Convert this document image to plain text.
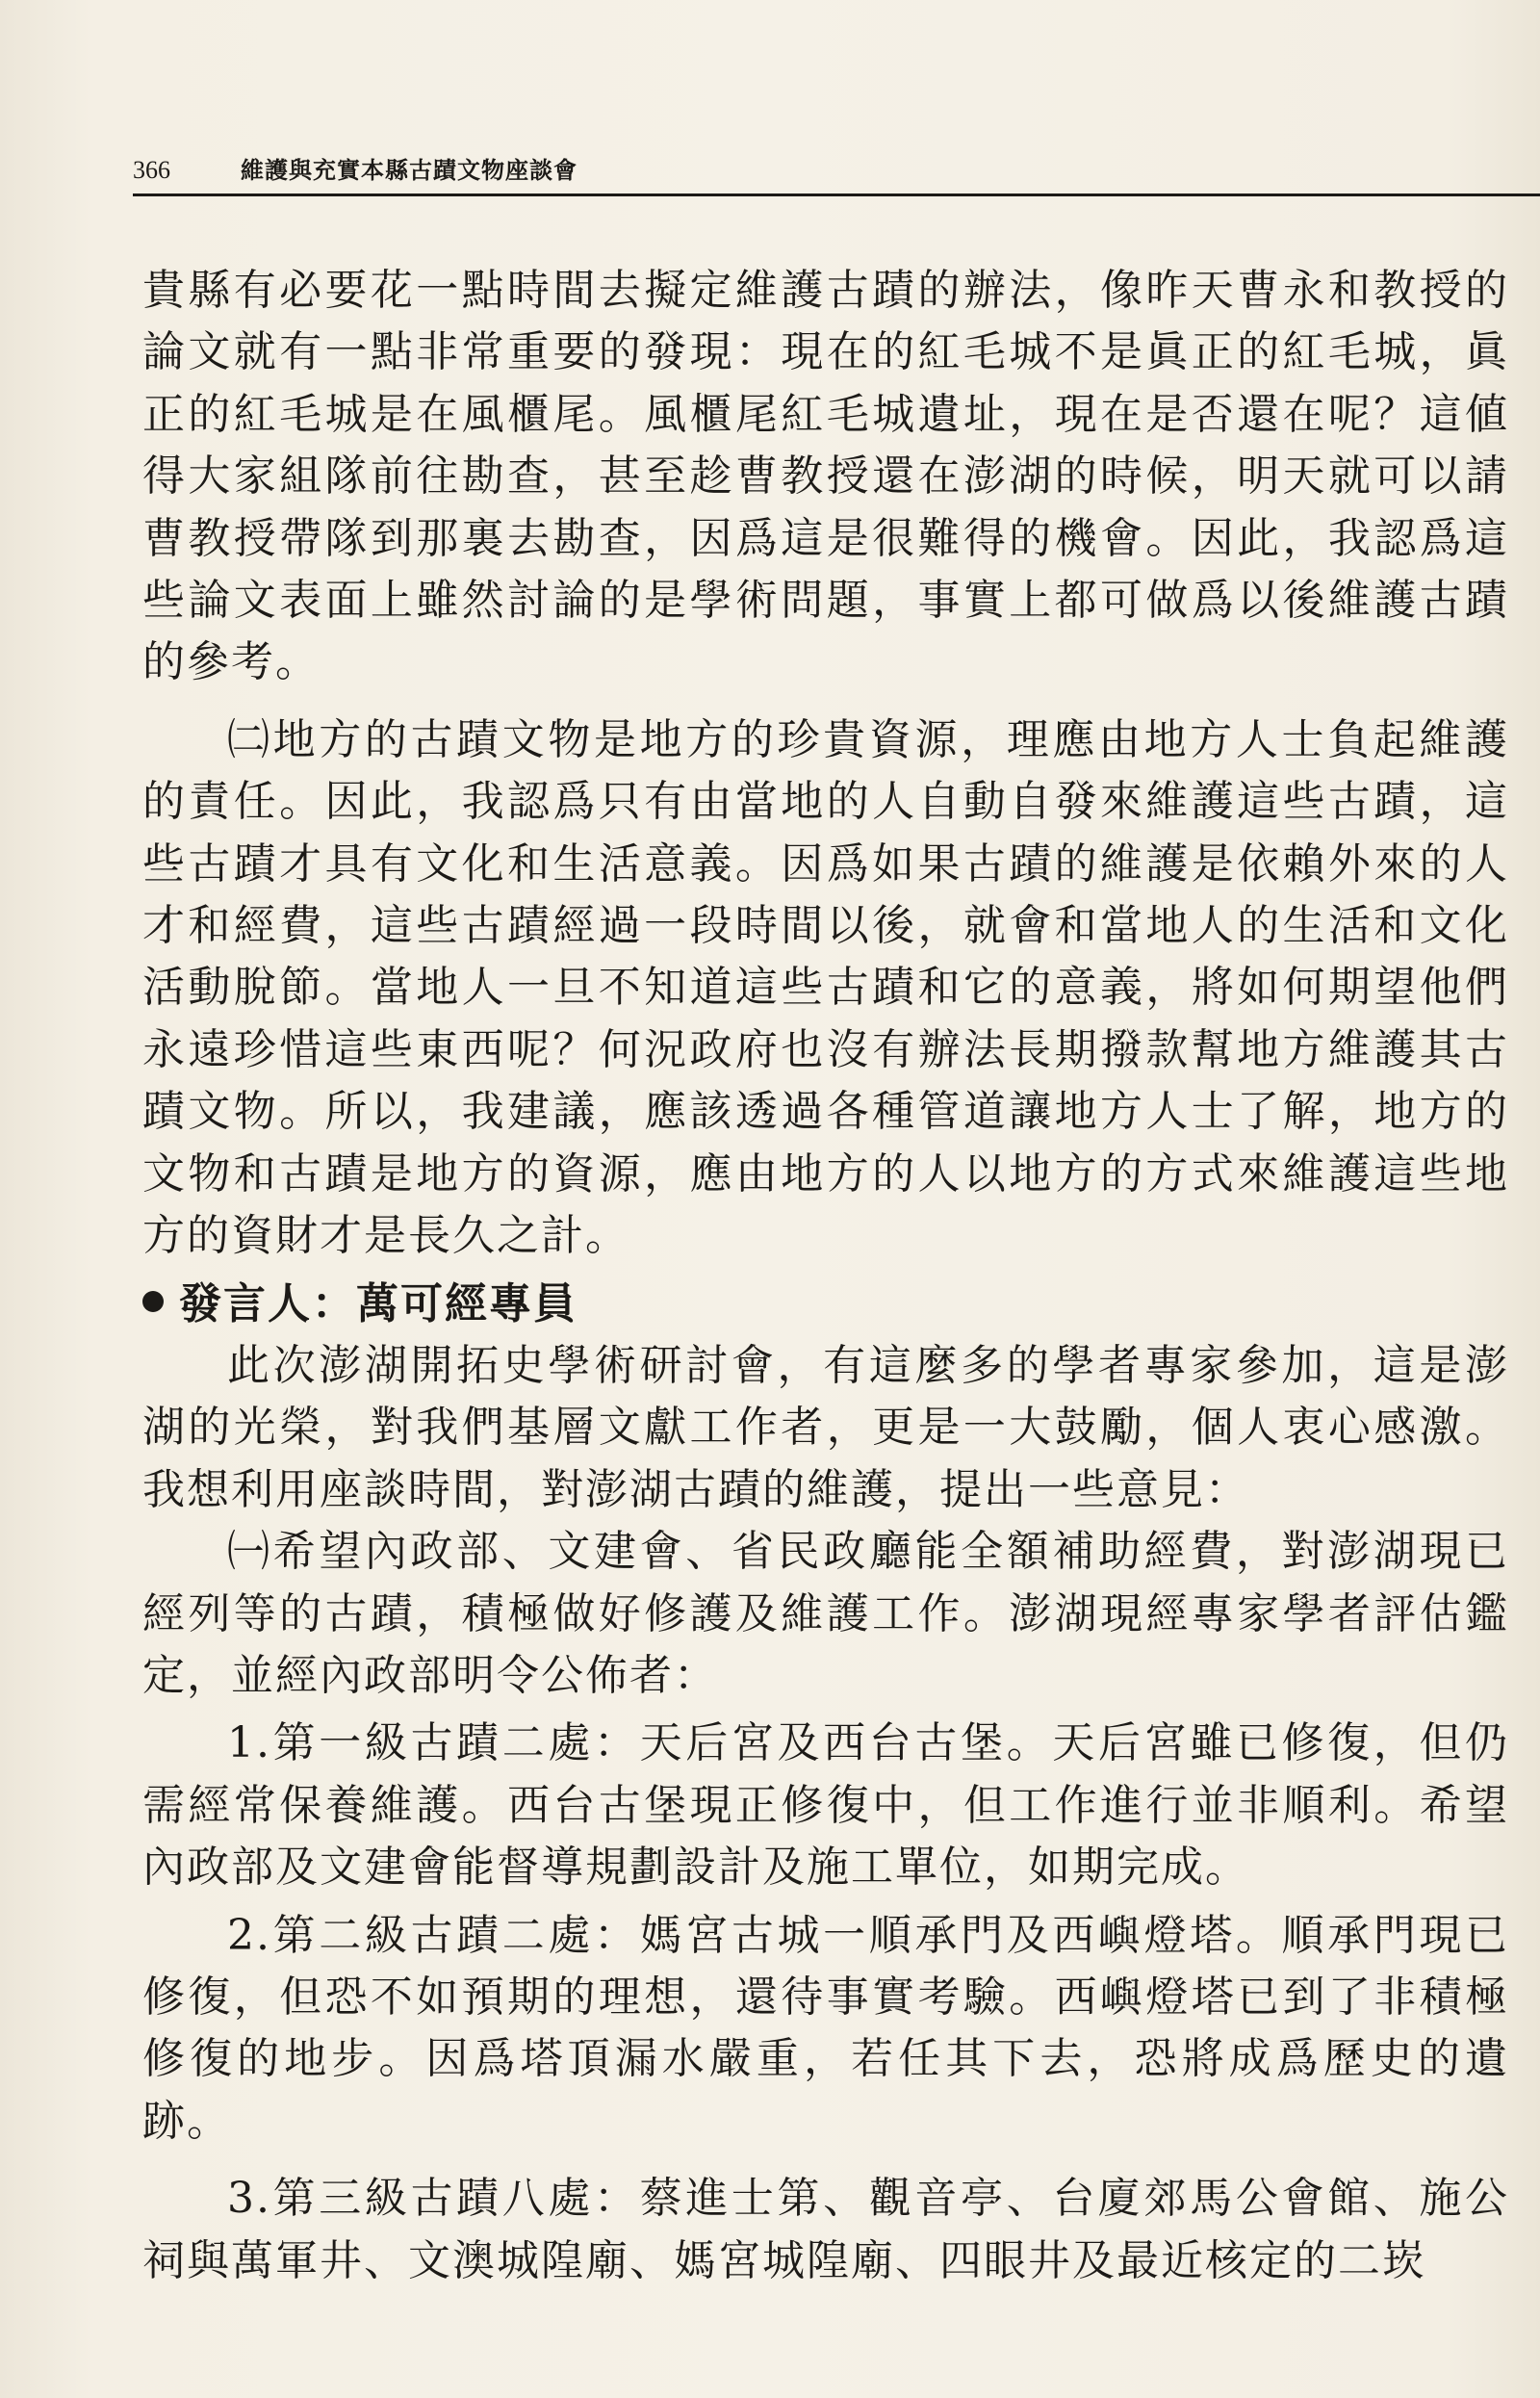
366	維護與充實本縣古蹟文物座談會

貴縣有必要花一點時間去擬定維護古蹟的辦法，像昨天曹永和教授的論文就有一點非常重要的發現：現在的紅毛城不是眞正的紅毛城，眞正的紅毛城是在風櫃尾。風櫃尾紅毛城遺址，現在是否還在呢？這値得大家組隊前往勘查，甚至趁曹教授還在澎湖的時候，明天就可以請曹教授帶隊到那裏去勘查，因爲這是很難得的機會。因此，我認爲這些論文表面上雖然討論的是學術問題，事實上都可做爲以後維護古蹟的參考。

㈡地方的古蹟文物是地方的珍貴資源，理應由地方人士負起維護的責任。因此，我認爲只有由當地的人自動自發來維護這些古蹟，這些古蹟才具有文化和生活意義。因爲如果古蹟的維護是依賴外來的人才和經費，這些古蹟經過一段時間以後，就會和當地人的生活和文化活動脫節。當地人一旦不知道這些古蹟和它的意義，將如何期望他們永遠珍惜這些東西呢？何況政府也沒有辦法長期撥款幫地方維護其古蹟文物。所以，我建議，應該透過各種管道讓地方人士了解，地方的文物和古蹟是地方的資源，應由地方的人以地方的方式來維護這些地方的資財才是長久之計。

發言人：萬可經專員

此次澎湖開拓史學術研討會，有這麼多的學者專家參加，這是澎湖的光榮，對我們基層文獻工作者，更是一大鼓勵，個人衷心感激。我想利用座談時間，對澎湖古蹟的維護，提出一些意見：

㈠希望內政部、文建會、省民政廳能全額補助經費，對澎湖現已經列等的古蹟，積極做好修護及維護工作。澎湖現經專家學者評估鑑定，並經內政部明令公佈者：

1.第一級古蹟二處：天后宮及西台古堡。天后宮雖已修復，但仍需經常保養維護。西台古堡現正修復中，但工作進行並非順利。希望內政部及文建會能督導規劃設計及施工單位，如期完成。

2.第二級古蹟二處：媽宮古城一順承門及西嶼燈塔。順承門現已修復，但恐不如預期的理想，還待事實考驗。西嶼燈塔已到了非積極修復的地步。因爲塔頂漏水嚴重，若任其下去，恐將成爲歷史的遺跡。

3.第三級古蹟八處：蔡進士第、觀音亭、台廈郊馬公會館、施公祠與萬軍井、文澳城隍廟、媽宮城隍廟、四眼井及最近核定的二崁
